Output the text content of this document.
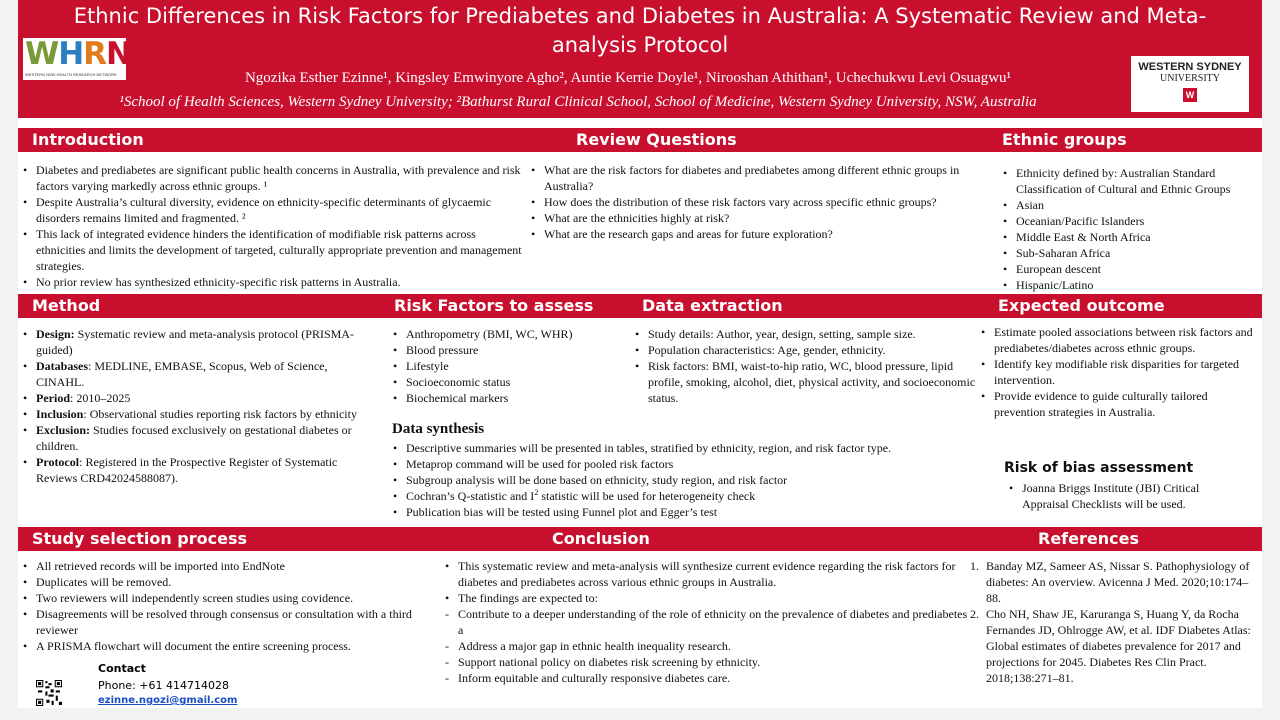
Ethnic Differences in Risk Factors for Prediabetes and Diabetes in Australia: A Systematic Review and Meta-analysis Protocol
Ngozika Esther Ezinne¹, Kingsley Emwinyore Agho², Auntie Kerrie Doyle¹, Nirooshan Athithan¹, Uchechukwu Levi Osuagwu¹
¹School of Health Sciences, Western Sydney University; ²Bathurst Rural Clinical School, School of Medicine, Western Sydney University, NSW, Australia
WHRN
WESTERN NSW HEALTH RESEARCH NETWORK
WESTERN SYDNEY
UNIVERSITY
W
Introduction	Review Questions	Ethnic groups
• Diabetes and prediabetes are significant public health concerns in Australia, with prevalence and risk factors varying markedly across ethnic groups. ¹
• Despite Australia’s cultural diversity, evidence on ethnicity-specific determinants of glycaemic disorders remains limited and fragmented. ²
• This lack of integrated evidence hinders the identification of modifiable risk patterns across ethnicities and limits the development of targeted, culturally appropriate prevention and management strategies.
• No prior review has synthesized ethnicity-specific risk patterns in Australia.
• What are the risk factors for diabetes and prediabetes among different ethnic groups in Australia?
• How does the distribution of these risk factors vary across specific ethnic groups?
• What are the ethnicities highly at risk?
• What are the research gaps and areas for future exploration?
• Ethnicity defined by: Australian Standard Classification of Cultural and Ethnic Groups
• Asian
• Oceanian/Pacific Islanders
• Middle East & North Africa
• Sub-Saharan Africa
• European descent
• Hispanic/Latino
Method	Risk Factors to assess	Data extraction	Expected outcome
• Design: Systematic review and meta-analysis protocol (PRISMA-guided)
• Databases: MEDLINE, EMBASE, Scopus, Web of Science, CINAHL.
• Period: 2010–2025
• Inclusion: Observational studies reporting risk factors by ethnicity
• Exclusion: Studies focused exclusively on gestational diabetes or children.
• Protocol: Registered in the Prospective Register of Systematic Reviews CRD42024588087).
• Anthropometry (BMI, WC, WHR)
• Blood pressure
• Lifestyle
• Socioeconomic status
• Biochemical markers
• Study details: Author, year, design, setting, sample size.
• Population characteristics: Age, gender, ethnicity.
• Risk factors: BMI, waist-to-hip ratio, WC, blood pressure, lipid profile, smoking, alcohol, diet, physical activity, and socioeconomic status.
Data synthesis
• Descriptive summaries will be presented in tables, stratified by ethnicity, region, and risk factor type.
• Metaprop command will be used for pooled risk factors
• Subgroup analysis will be done based on ethnicity, study region, and risk factor
• Cochran’s Q-statistic and $I^2$ statistic will be used for heterogeneity check
• Publication bias will be tested using Funnel plot and Egger’s test
• Estimate pooled associations between risk factors and prediabetes/diabetes across ethnic groups.
• Identify key modifiable risk disparities for targeted intervention.
• Provide evidence to guide culturally tailored prevention strategies in Australia.
Risk of bias assessment
• Joanna Briggs Institute (JBI) Critical Appraisal Checklists will be used.
Study selection process	Conclusion	References
• All retrieved records will be imported into EndNote
• Duplicates will be removed.
• Two reviewers will independently screen studies using covidence.
• Disagreements will be resolved through consensus or consultation with a third reviewer
• A PRISMA flowchart will document the entire screening process.
Contact
Phone: +61 414714028
ezinne.ngozi@gmail.com
• This systematic review and meta-analysis will synthesize current evidence regarding the risk factors for diabetes and prediabetes across various ethnic groups in Australia.
• The findings are expected to:
- Contribute to a deeper understanding of the role of ethnicity on the prevalence of diabetes and prediabetes a
- Address a major gap in ethnic health inequality research.
- Support national policy on diabetes risk screening by ethnicity.
- Inform equitable and culturally responsive diabetes care.
1. Banday MZ, Sameer AS, Nissar S. Pathophysiology of diabetes: An overview. Avicenna J Med. 2020;10:174–88.
2. Cho NH, Shaw JE, Karuranga S, Huang Y, da Rocha Fernandes JD, Ohlrogge AW, et al. IDF Diabetes Atlas: Global estimates of diabetes prevalence for 2017 and projections for 2045. Diabetes Res Clin Pract. 2018;138:271–81.
